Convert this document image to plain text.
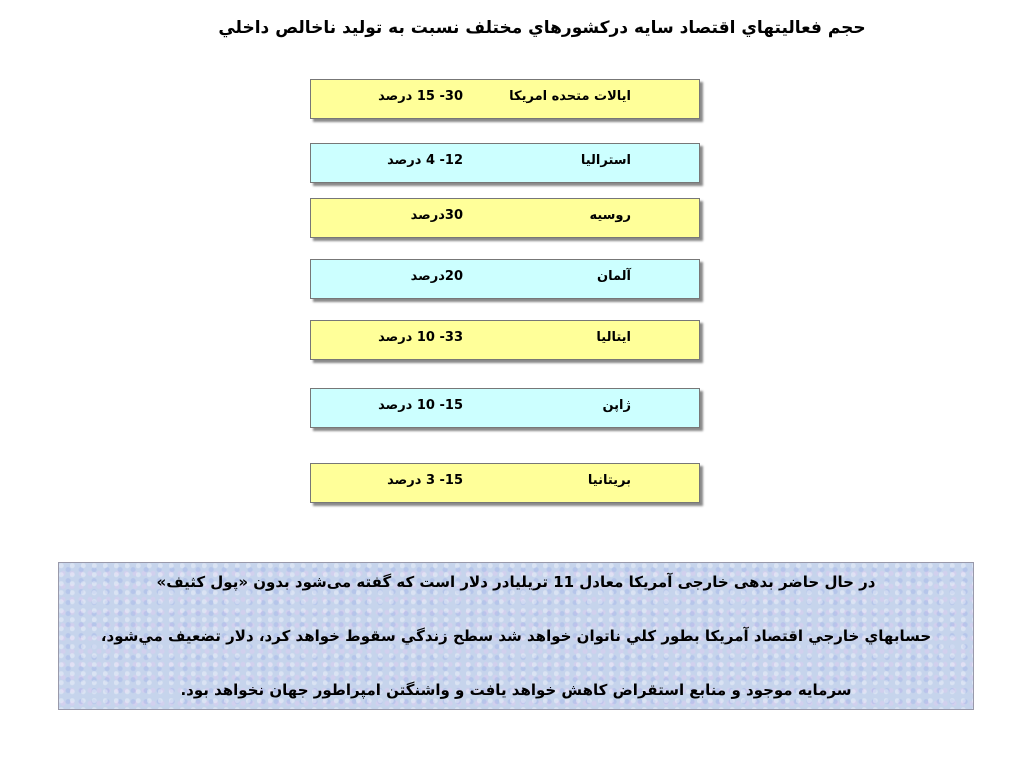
حجم فعاليتهاي اقتصاد سايه دركشورهاي مختلف نسبت به توليد ناخالص داخلي
ايالات متحده امريكا
30- 15 درصد
استراليا
12- 4 درصد
روسيه
30درصد
آلمان
20درصد
ايتاليا
33- 10 درصد
ژاپن
15- 10 درصد
بريتانيا
15- 3 درصد
در حال حاضر بدهی خارجی آمریکا معادل 11 تریلیادر دلار است که گفته می‌شود بدون «پول کثیف»
حسابهاي خارجي اقتصاد آمريكا بطور كلي ناتوان خواهد شد سطح زندگي سقوط خواهد كرد، دلار تضعيف مي‌شود،
سرمايه موجود و منابع استقراض كاهش خواهد يافت و واشنگتن امپراطور جهان نخواهد بود.
